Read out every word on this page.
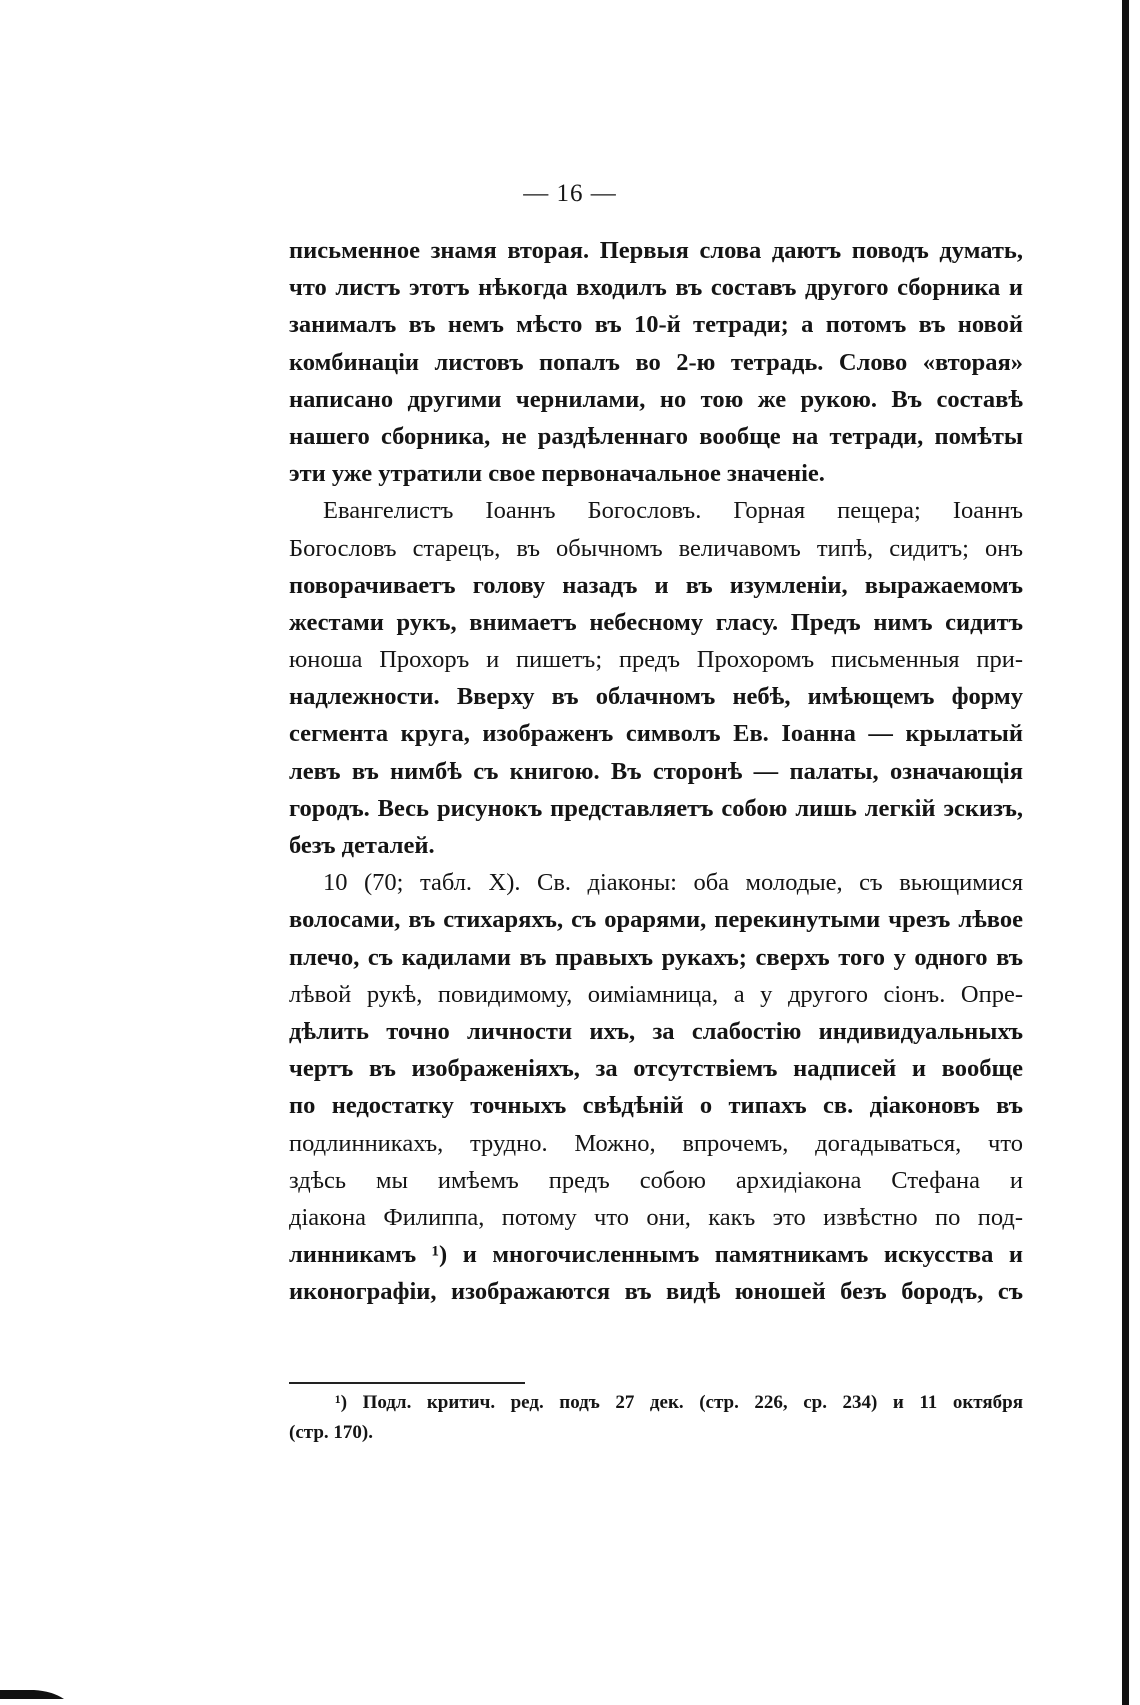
— 16 —
письменное знамя вторая. Первыя слова даютъ поводъ думать,
что листъ этотъ нѣкогда входилъ въ составъ другого сборника и
занималъ въ немъ мѣсто въ 10-й тетради; а потомъ въ новой
комбинаціи листовъ попалъ во 2-ю тетрадь. Слово «вторая»
написано другими чернилами, но тою же рукою. Въ составѣ
нашего сборника, не раздѣленнаго вообще на тетради, помѣты
эти уже утратили свое первоначальное значеніе.
Евангелистъ Іоаннъ Богословъ. Горная пещера; Іоаннъ
Богословъ старецъ, въ обычномъ величавомъ типѣ, сидитъ; онъ
поворачиваетъ голову назадъ и въ изумленіи, выражаемомъ
жестами рукъ, внимаетъ небесному гласу. Предъ нимъ сидитъ
юноша Прохоръ и пишетъ; предъ Прохоромъ письменныя при-
надлежности. Вверху въ облачномъ небѣ, имѣющемъ форму
сегмента круга, изображенъ символъ Ев. Іоанна — крылатый
левъ въ нимбѣ съ книгою. Въ сторонѣ — палаты, означающія
городъ. Весь рисунокъ представляетъ собою лишь легкій эскизъ,
безъ деталей.
10 (70; табл. X). Св. діаконы: оба молодые, съ вьющимися
волосами, въ стихаряхъ, съ орарями, перекинутыми чрезъ лѣвое
плечо, съ кадилами въ правыхъ рукахъ; сверхъ того у одного въ
лѣвой рукѣ, повидимому, оиміамница, а у другого сіонъ. Опре-
дѣлить точно личности ихъ, за слабостію индивидуальныхъ
чертъ въ изображеніяхъ, за отсутствіемъ надписей и вообще
по недостатку точныхъ свѣдѣній о типахъ св. діаконовъ въ
подлинникахъ, трудно. Можно, впрочемъ, догадываться, что
здѣсь мы имѣемъ предъ собою архидіакона Стефана и
діакона Филиппа, потому что они, какъ это извѣстно по под-
линникамъ ¹) и многочисленнымъ памятникамъ искусства и
иконографіи, изображаются въ видѣ юношей безъ бородъ, съ
¹) Подл. критич. ред. подъ 27 дек. (стр. 226, ср. 234) и 11 октября
(стр. 170).
